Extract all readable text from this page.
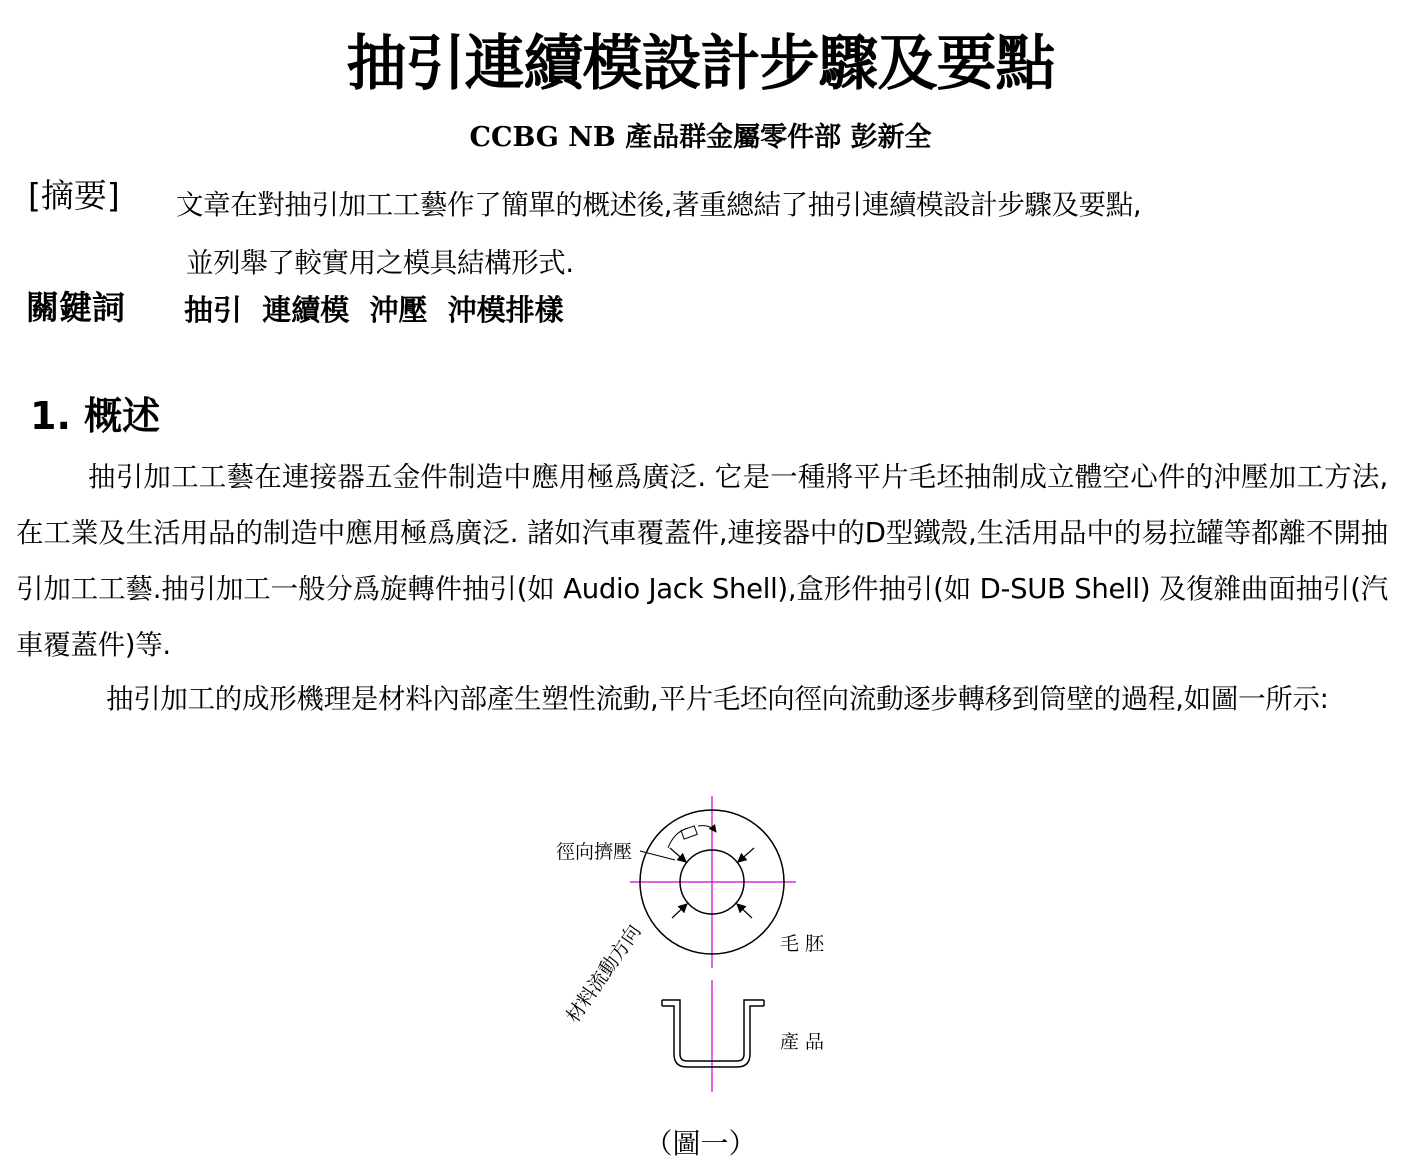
抽引連續模設計步驟及要點
CCBG NB 產品群金屬零件部 彭新全
[摘要] 文章在對抽引加工工藝作了簡單的概述後,著重總結了抽引連續模設計步驟及要點,
並列舉了較實用之模具結構形式.
關鍵詞 抽引 連續模 沖壓 沖模排樣
1. 概述
抽引加工工藝在連接器五金件制造中應用極爲廣泛. 它是一種將平片毛坯抽制成立體空心件的沖壓加工方法,在工業及生活用品的制造中應用極爲廣泛. 諸如汽車覆蓋件,連接器中的D型鐵殼,生活用品中的易拉罐等都離不開抽引加工工藝.抽引加工一般分爲旋轉件抽引(如 Audio Jack Shell),盒形件抽引(如 D-SUB Shell) 及復雜曲面抽引(汽車覆蓋件)等.
抽引加工的成形機理是材料內部產生塑性流動,平片毛坯向徑向流動逐步轉移到筒壁的過程,如圖一所示:
徑向擠壓
材料流動方向	毛 胚
產 品
（圖一）
